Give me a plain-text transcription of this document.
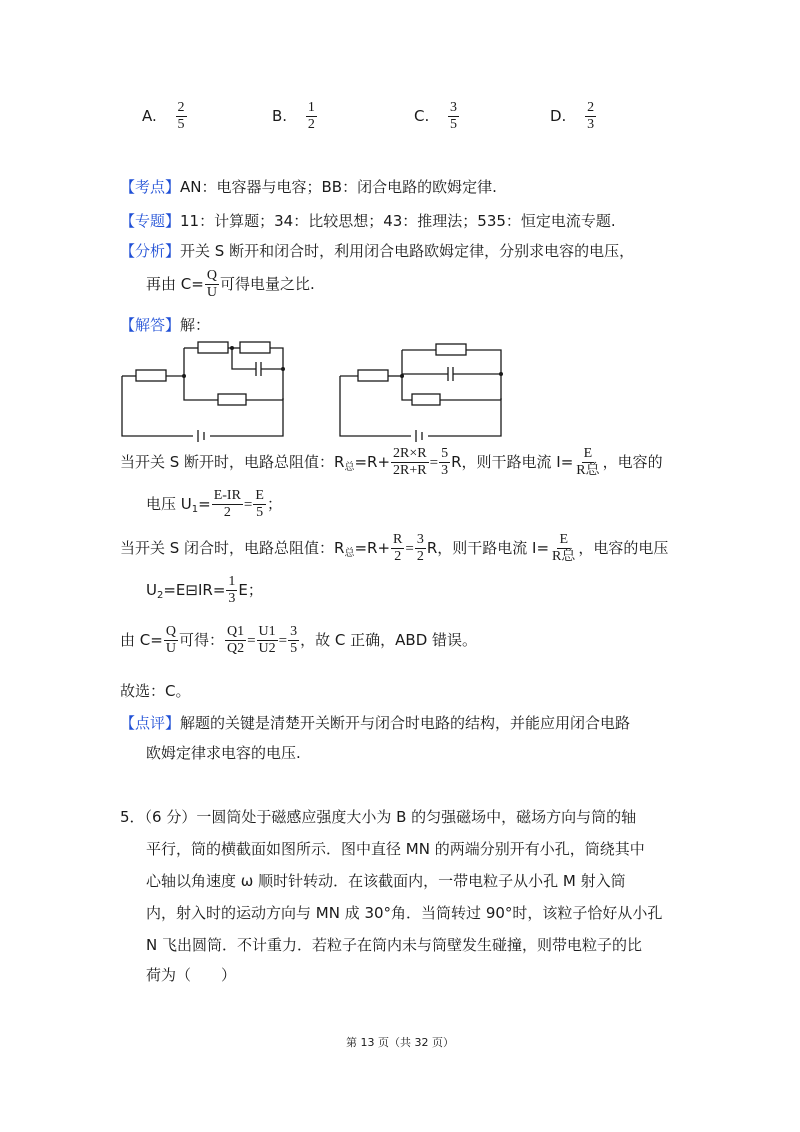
A. $\frac{2}{5}$	B. $\frac{1}{2}$	C. $\frac{3}{5}$	D. $\frac{2}{3}$
【考点】AN：电容器与电容；BB：闭合电路的欧姆定律.
【专题】11：计算题；34：比较思想；43：推理法；535：恒定电流专题.
【分析】开关 S 断开和闭合时，利用闭合电路欧姆定律，分别求电容的电压，
再由 $C= \frac{Q}{U}$ 可得电量之比.
【解答】解：
当开关 S 断开时，电路总阻值：$R_总=R+ \frac{2R\times R}{2R+R} = \frac{5}{3}$ R，则干路电流 $I= \frac{E}{\text{R总}}$ ，电容的
电压 $U_1= \frac{E-IR}{2} = \frac{E}{5}$ ；
当开关 S 闭合时，电路总阻值：$R_总=R+ \frac{R}{2} = \frac{3}{2}$ R，则干路电流 $I= \frac{E}{\text{R总}}$ ，电容的电压
$U_2=E⊟IR= \frac{1}{3}$ E；
由 $C= \frac{Q}{U}$ 可得： $\frac{Q1}{Q2} = \frac{U1}{U2} = \frac{3}{5}$ ，故 C 正确，ABD 错误。
故选：C。
【点评】解题的关键是清楚开关断开与闭合时电路的结构，并能应用闭合电路
欧姆定律求电容的电压.
5．（6 分）一圆筒处于磁感应强度大小为 B 的匀强磁场中，磁场方向与筒的轴
平行，筒的横截面如图所示．图中直径 MN 的两端分别开有小孔，筒绕其中
心轴以角速度 ω 顺时针转动．在该截面内，一带电粒子从小孔 M 射入筒
内，射入时的运动方向与 MN 成 30°角．当筒转过 90°时，该粒子恰好从小孔
N 飞出圆筒．不计重力．若粒子在筒内未与筒壁发生碰撞，则带电粒子的比
荷为（　　）
第 13 页（共 32 页）
